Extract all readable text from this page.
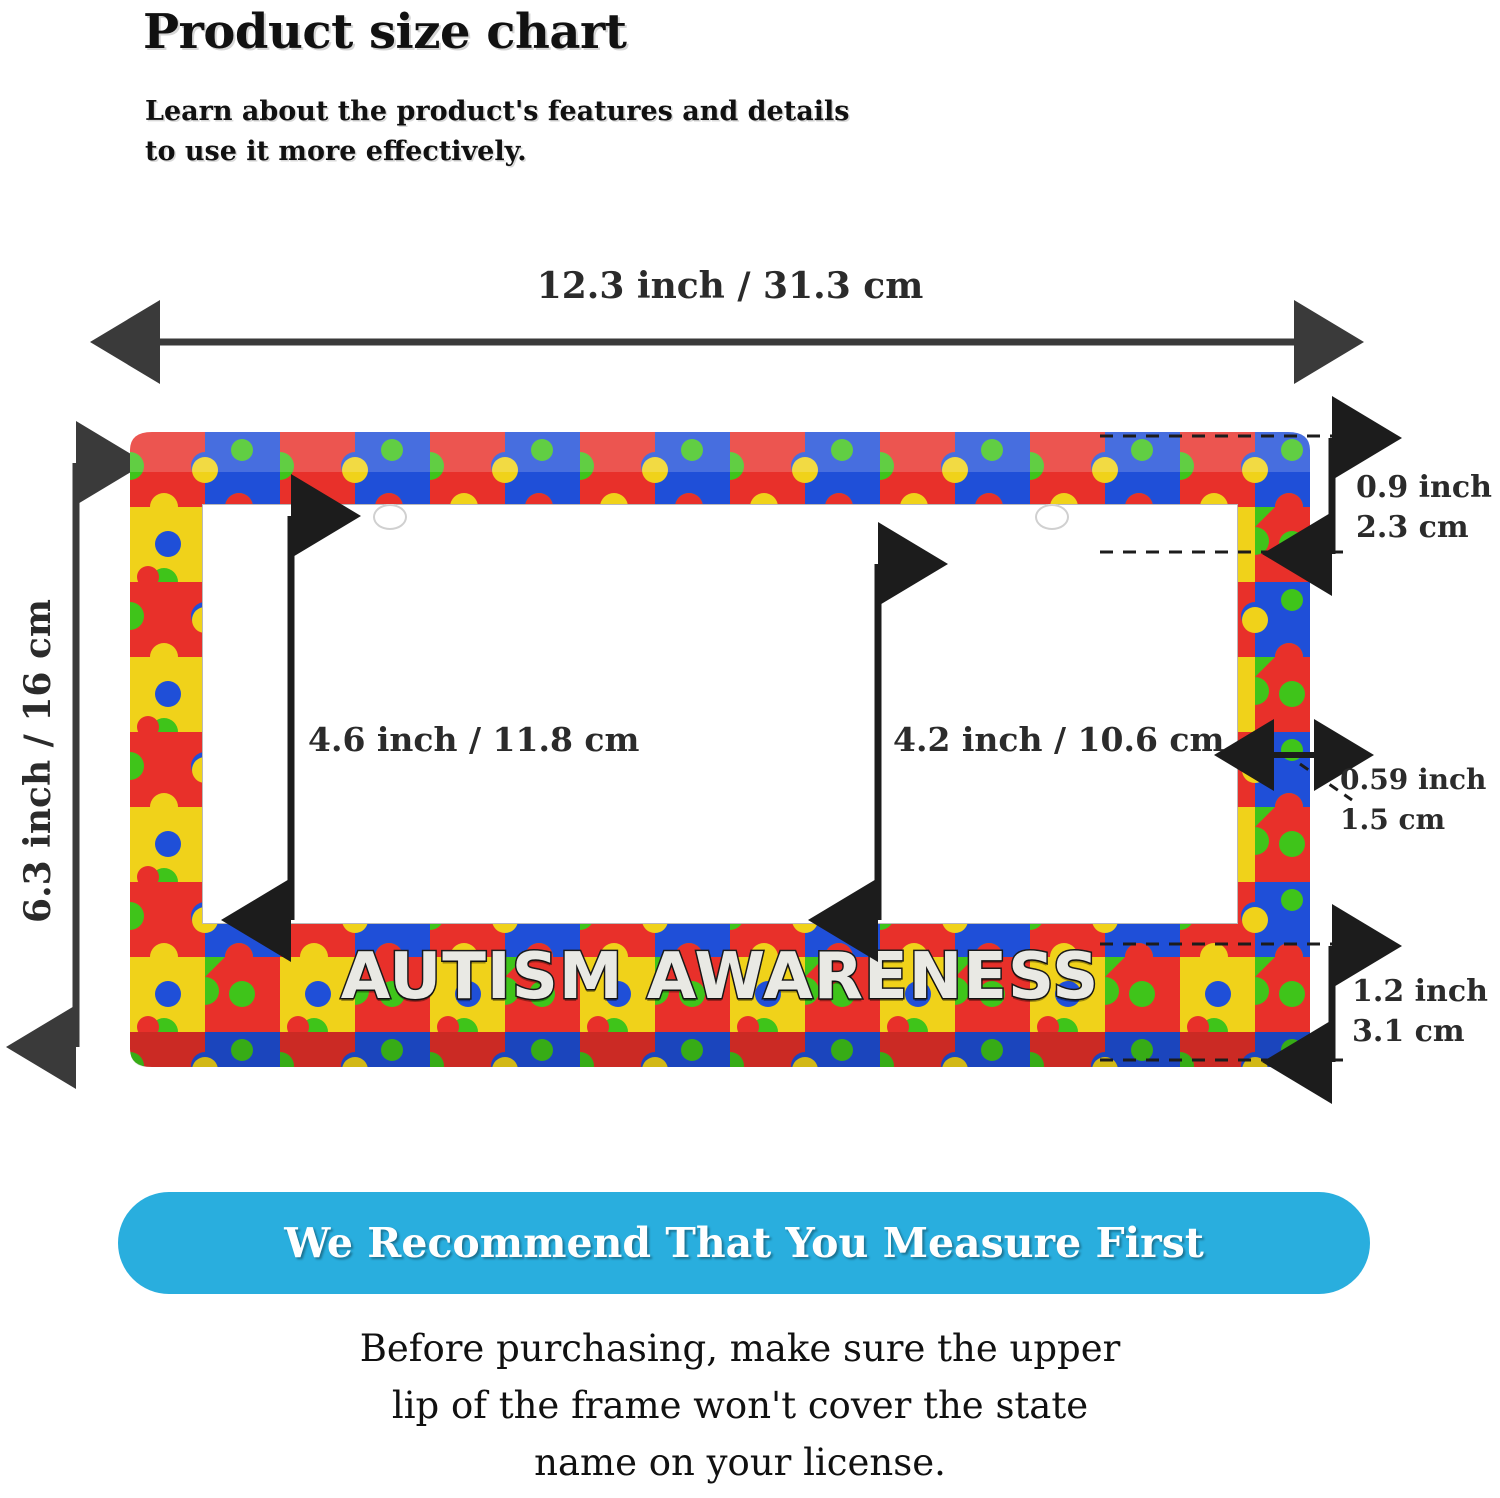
Product size chart
Learn about the product's features and details
to use it more effectively.
12.3 inch / 31.3 cm
6.3 inch / 16 cm
AUTISM AWARENESS
4.6 inch / 11.8 cm	4.2 inch / 10.6 cm
0.9 inch
2.3 cm
0.59 inch
1.5 cm
1.2 inch
3.1 cm
We Recommend That You Measure First
Before purchasing, make sure the upper
lip of the frame won't cover the state
name on your license.
